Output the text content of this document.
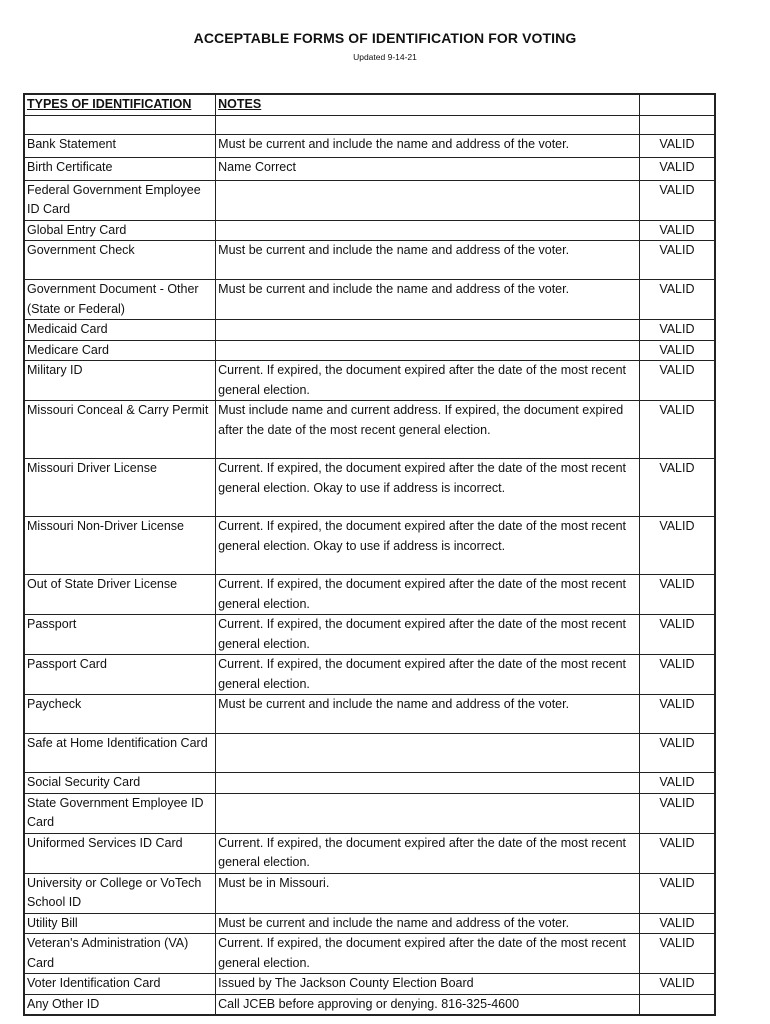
ACCEPTABLE FORMS OF IDENTIFICATION FOR VOTING
Updated 9-14-21
TYPES OF IDENTIFICATION	NOTES	

Bank Statement	Must be current and include the name and address of the voter.	VALID
Birth Certificate	Name Correct	VALID
Federal Government Employee ID Card		VALID
Global Entry Card		VALID
Government Check	Must be current and include the name and address of the voter.	VALID
Government Document - Other (State or Federal)	Must be current and include the name and address of the voter.	VALID
Medicaid Card		VALID
Medicare Card		VALID
Military ID	Current. If expired, the document expired after the date of the most recent general election.	VALID
Missouri Conceal & Carry Permit	Must include name and current address. If expired, the document expired after the date of the most recent general election.	VALID
Missouri Driver License	Current. If expired, the document expired after the date of the most recent general election. Okay to use if address is incorrect.	VALID
Missouri Non-Driver License	Current. If expired, the document expired after the date of the most recent general election. Okay to use if address is incorrect.	VALID
Out of State Driver License	Current. If expired, the document expired after the date of the most recent general election.	VALID
Passport	Current. If expired, the document expired after the date of the most recent general election.	VALID
Passport Card	Current. If expired, the document expired after the date of the most recent general election.	VALID
Paycheck	Must be current and include the name and address of the voter.	VALID
Safe at Home Identification Card		VALID
Social Security Card		VALID
State Government Employee ID Card		VALID
Uniformed Services ID Card	Current. If expired, the document expired after the date of the most recent general election.	VALID
University or College or VoTech School ID	Must be in Missouri.	VALID
Utility Bill	Must be current and include the name and address of the voter.	VALID
Veteran's Administration (VA) Card	Current. If expired, the document expired after the date of the most recent general election.	VALID
Voter Identification Card	Issued by The Jackson County Election Board	VALID
Any Other ID	Call JCEB before approving or denying. 816-325-4600	
